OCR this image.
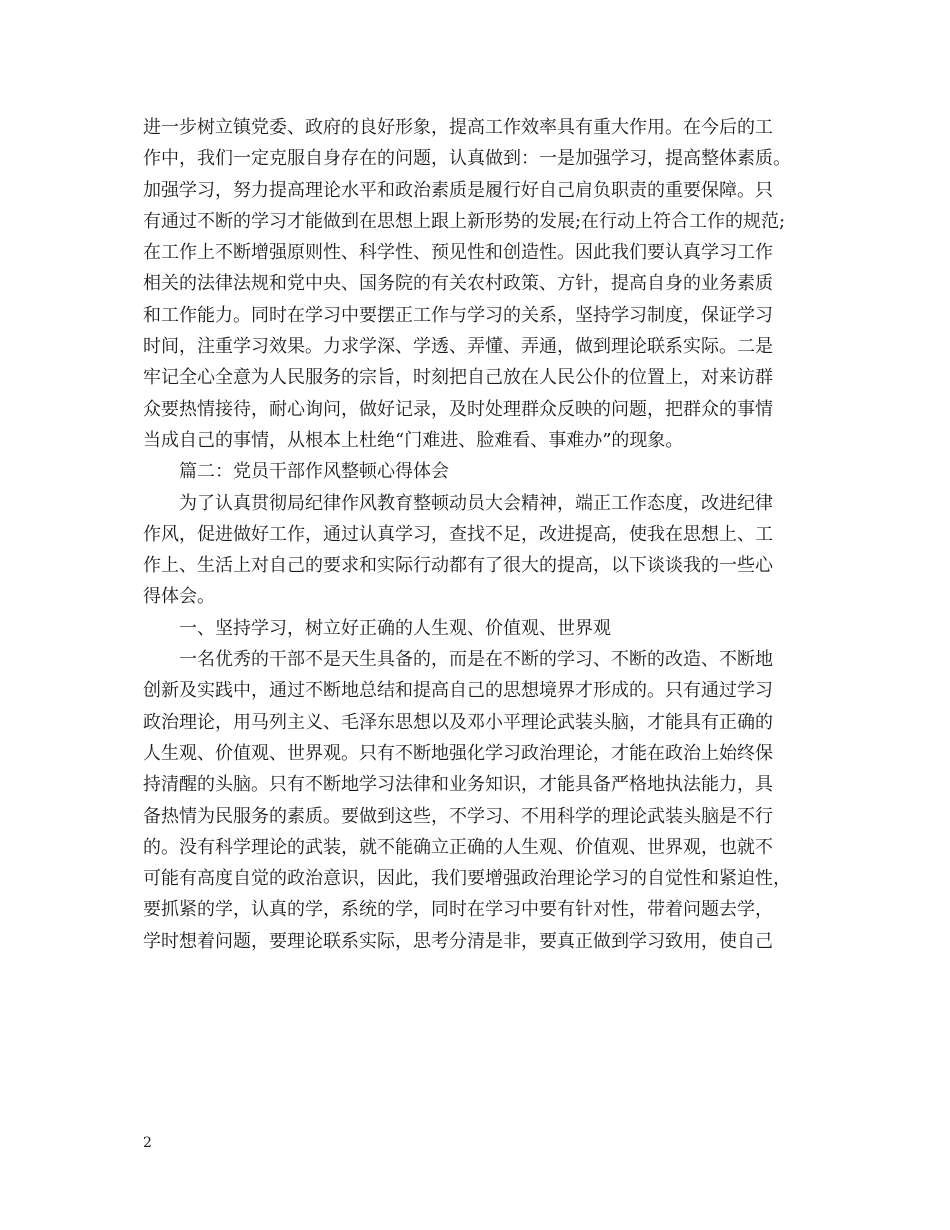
进一步树立镇党委、政府的良好形象，提高工作效率具有重大作用。在今后的工
作中，我们一定克服自身存在的问题，认真做到：一是加强学习，提高整体素质。
加强学习，努力提高理论水平和政治素质是履行好自己肩负职责的重要保障。只
有通过不断的学习才能做到在思想上跟上新形势的发展;在行动上符合工作的规范;
在工作上不断增强原则性、科学性、预见性和创造性。因此我们要认真学习工作
相关的法律法规和党中央、国务院的有关农村政策、方针，提高自身的业务素质
和工作能力。同时在学习中要摆正工作与学习的关系，坚持学习制度，保证学习
时间，注重学习效果。力求学深、学透、弄懂、弄通，做到理论联系实际。二是
牢记全心全意为人民服务的宗旨，时刻把自己放在人民公仆的位置上，对来访群
众要热情接待，耐心询问，做好记录，及时处理群众反映的问题，把群众的事情
当成自己的事情，从根本上杜绝“门难进、脸难看、事难办”的现象。
篇二：党员干部作风整顿心得体会
为了认真贯彻局纪律作风教育整顿动员大会精神，端正工作态度，改进纪律
作风，促进做好工作，通过认真学习，查找不足，改进提高，使我在思想上、工
作上、生活上对自己的要求和实际行动都有了很大的提高，以下谈谈我的一些心
得体会。
一、坚持学习，树立好正确的人生观、价值观、世界观
一名优秀的干部不是天生具备的，而是在不断的学习、不断的改造、不断地
创新及实践中，通过不断地总结和提高自己的思想境界才形成的。只有通过学习
政治理论，用马列主义、毛泽东思想以及邓小平理论武装头脑，才能具有正确的
人生观、价值观、世界观。只有不断地强化学习政治理论，才能在政治上始终保
持清醒的头脑。只有不断地学习法律和业务知识，才能具备严格地执法能力，具
备热情为民服务的素质。要做到这些，不学习、不用科学的理论武装头脑是不行
的。没有科学理论的武装，就不能确立正确的人生观、价值观、世界观，也就不
可能有高度自觉的政治意识，因此，我们要增强政治理论学习的自觉性和紧迫性，
要抓紧的学，认真的学，系统的学，同时在学习中要有针对性，带着问题去学，
学时想着问题，要理论联系实际，思考分清是非，要真正做到学习致用，使自己
2
